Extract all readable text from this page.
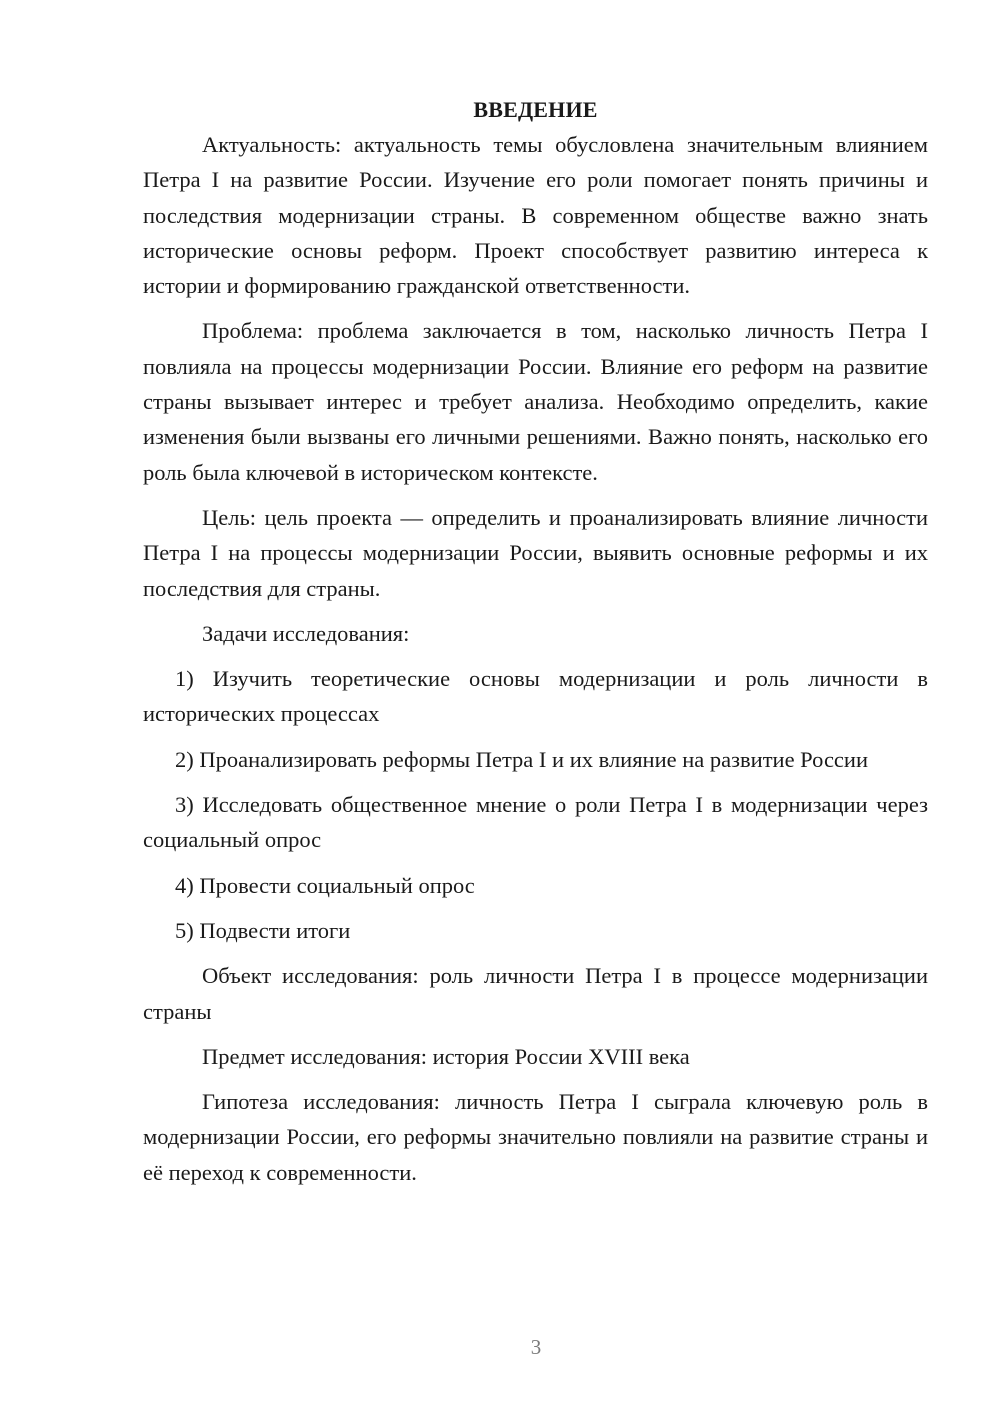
ВВЕДЕНИЕ

Актуальность: актуальность темы обусловлена значительным влиянием Петра I на развитие России. Изучение его роли помогает понять причины и последствия модернизации страны. В современном обществе важно знать исторические основы реформ. Проект способствует развитию интереса к истории и формированию гражданской ответственности.

Проблема: проблема заключается в том, насколько личность Петра I повлияла на процессы модернизации России. Влияние его реформ на развитие страны вызывает интерес и требует анализа. Необходимо определить, какие изменения были вызваны его личными решениями. Важно понять, насколько его роль была ключевой в историческом контексте.

Цель: цель проекта — определить и проанализировать влияние личности Петра I на процессы модернизации России, выявить основные реформы и их последствия для страны.

Задачи исследования:

1) Изучить теоретические основы модернизации и роль личности в исторических процессах

2) Проанализировать реформы Петра I и их влияние на развитие России

3) Исследовать общественное мнение о роли Петра I в модернизации через социальный опрос

4) Провести социальный опрос

5) Подвести итоги

Объект исследования: роль личности Петра I в процессе модернизации страны

Предмет исследования: история России XVIII века

Гипотеза исследования: личность Петра I сыграла ключевую роль в модернизации России, его реформы значительно повлияли на развитие страны и её переход к современности.

3
